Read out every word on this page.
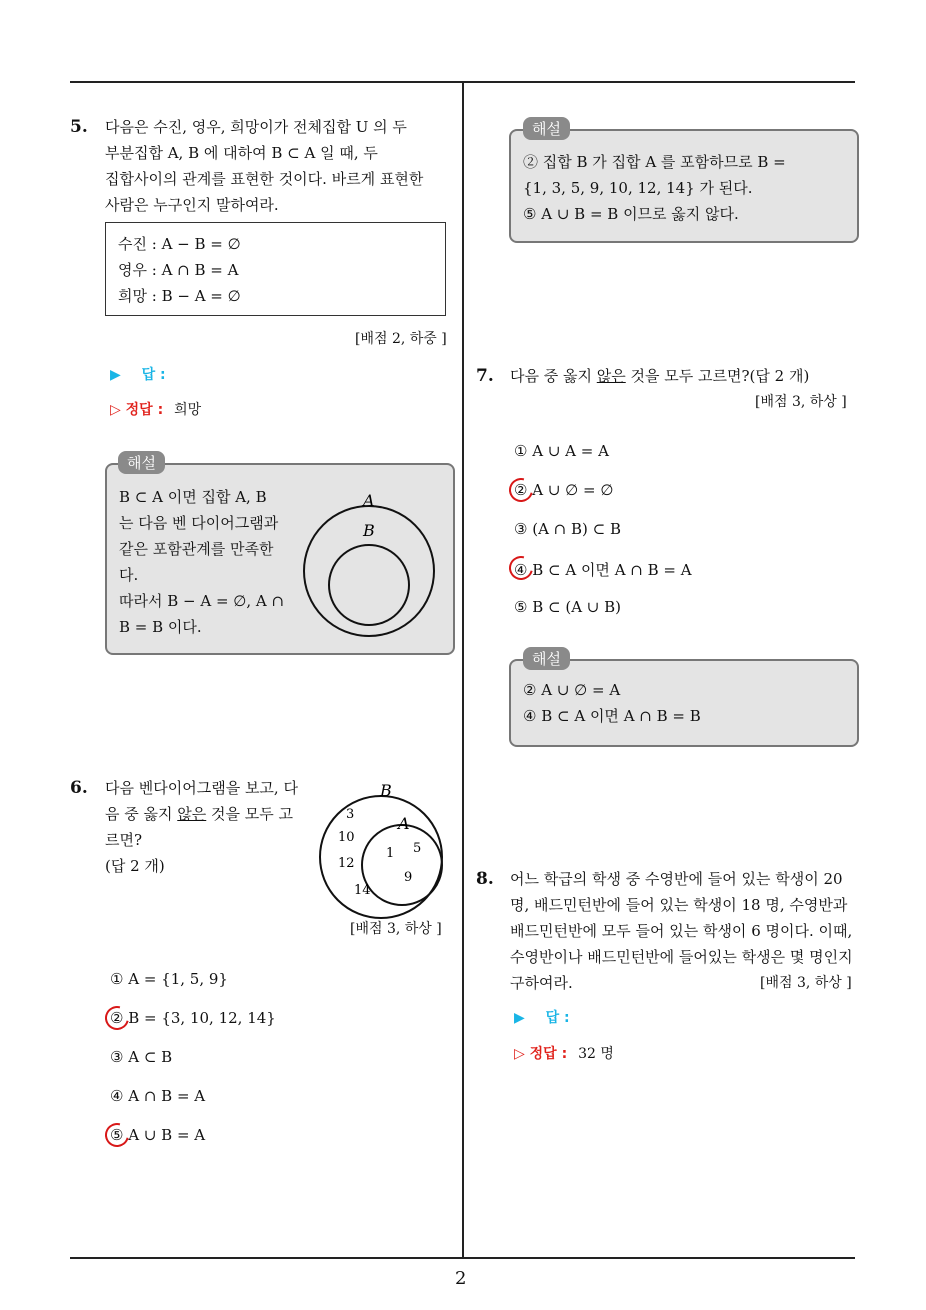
2
5. 다음은 수진, 영우, 희망이가 전체집합 U 의 두
부분집합 A, B 에 대하여 B ⊂ A 일 때, 두
집합사이의 관계를 표현한 것이다. 바르게 표현한
사람은 누구인지 말하여라.
수진 : A − B = ∅
영우 : A ∩ B = A
희망 : B − A = ∅
[배점 2, 하중 ]
▶ 답 :
▷ 정답 : 희망
B ⊂ A 이면 집합 A, B
는 다음 벤 다이어그램과
같은 포함관계를 만족한
다.
따라서 B − A = ∅, A ∩
B = B 이다.
A
B
해설
6. 다음 벤다이어그램을 보고, 다
음 중 옳지 않은 것을 모두 고
르면?
(답 2 개)
B
A
3
10
12
14
1 5
9
[배점 3, 하상 ]
① A = {1, 5, 9}
② B = {3, 10, 12, 14}
③ A ⊂ B
④ A ∩ B = A
⑤ A ∪ B = A
② 집합 B 가 집합 A 를 포함하므로 B =
{1, 3, 5, 9, 10, 12, 14} 가 된다.
⑤ A ∪ B = B 이므로 옳지 않다.
해설
7. 다음 중 옳지 않은 것을 모두 고르면?(답 2 개)
[배점 3, 하상 ]
① A ∪ A = A
② A ∪ ∅ = ∅
③ (A ∩ B) ⊂ B
④ B ⊂ A 이면 A ∩ B = A
⑤ B ⊂ (A ∪ B)
② A ∪ ∅ = A
④ B ⊂ A 이면 A ∩ B = B
해설
8. 어느 학급의 학생 중 수영반에 들어 있는 학생이 20
명, 배드민턴반에 들어 있는 학생이 18 명, 수영반과
배드민턴반에 모두 들어 있는 학생이 6 명이다. 이때,
수영반이나 배드민턴반에 들어있는 학생은 몇 명인지
구하여라.	[배점 3, 하상 ]
▶ 답 :
▷ 정답 : 32 명
